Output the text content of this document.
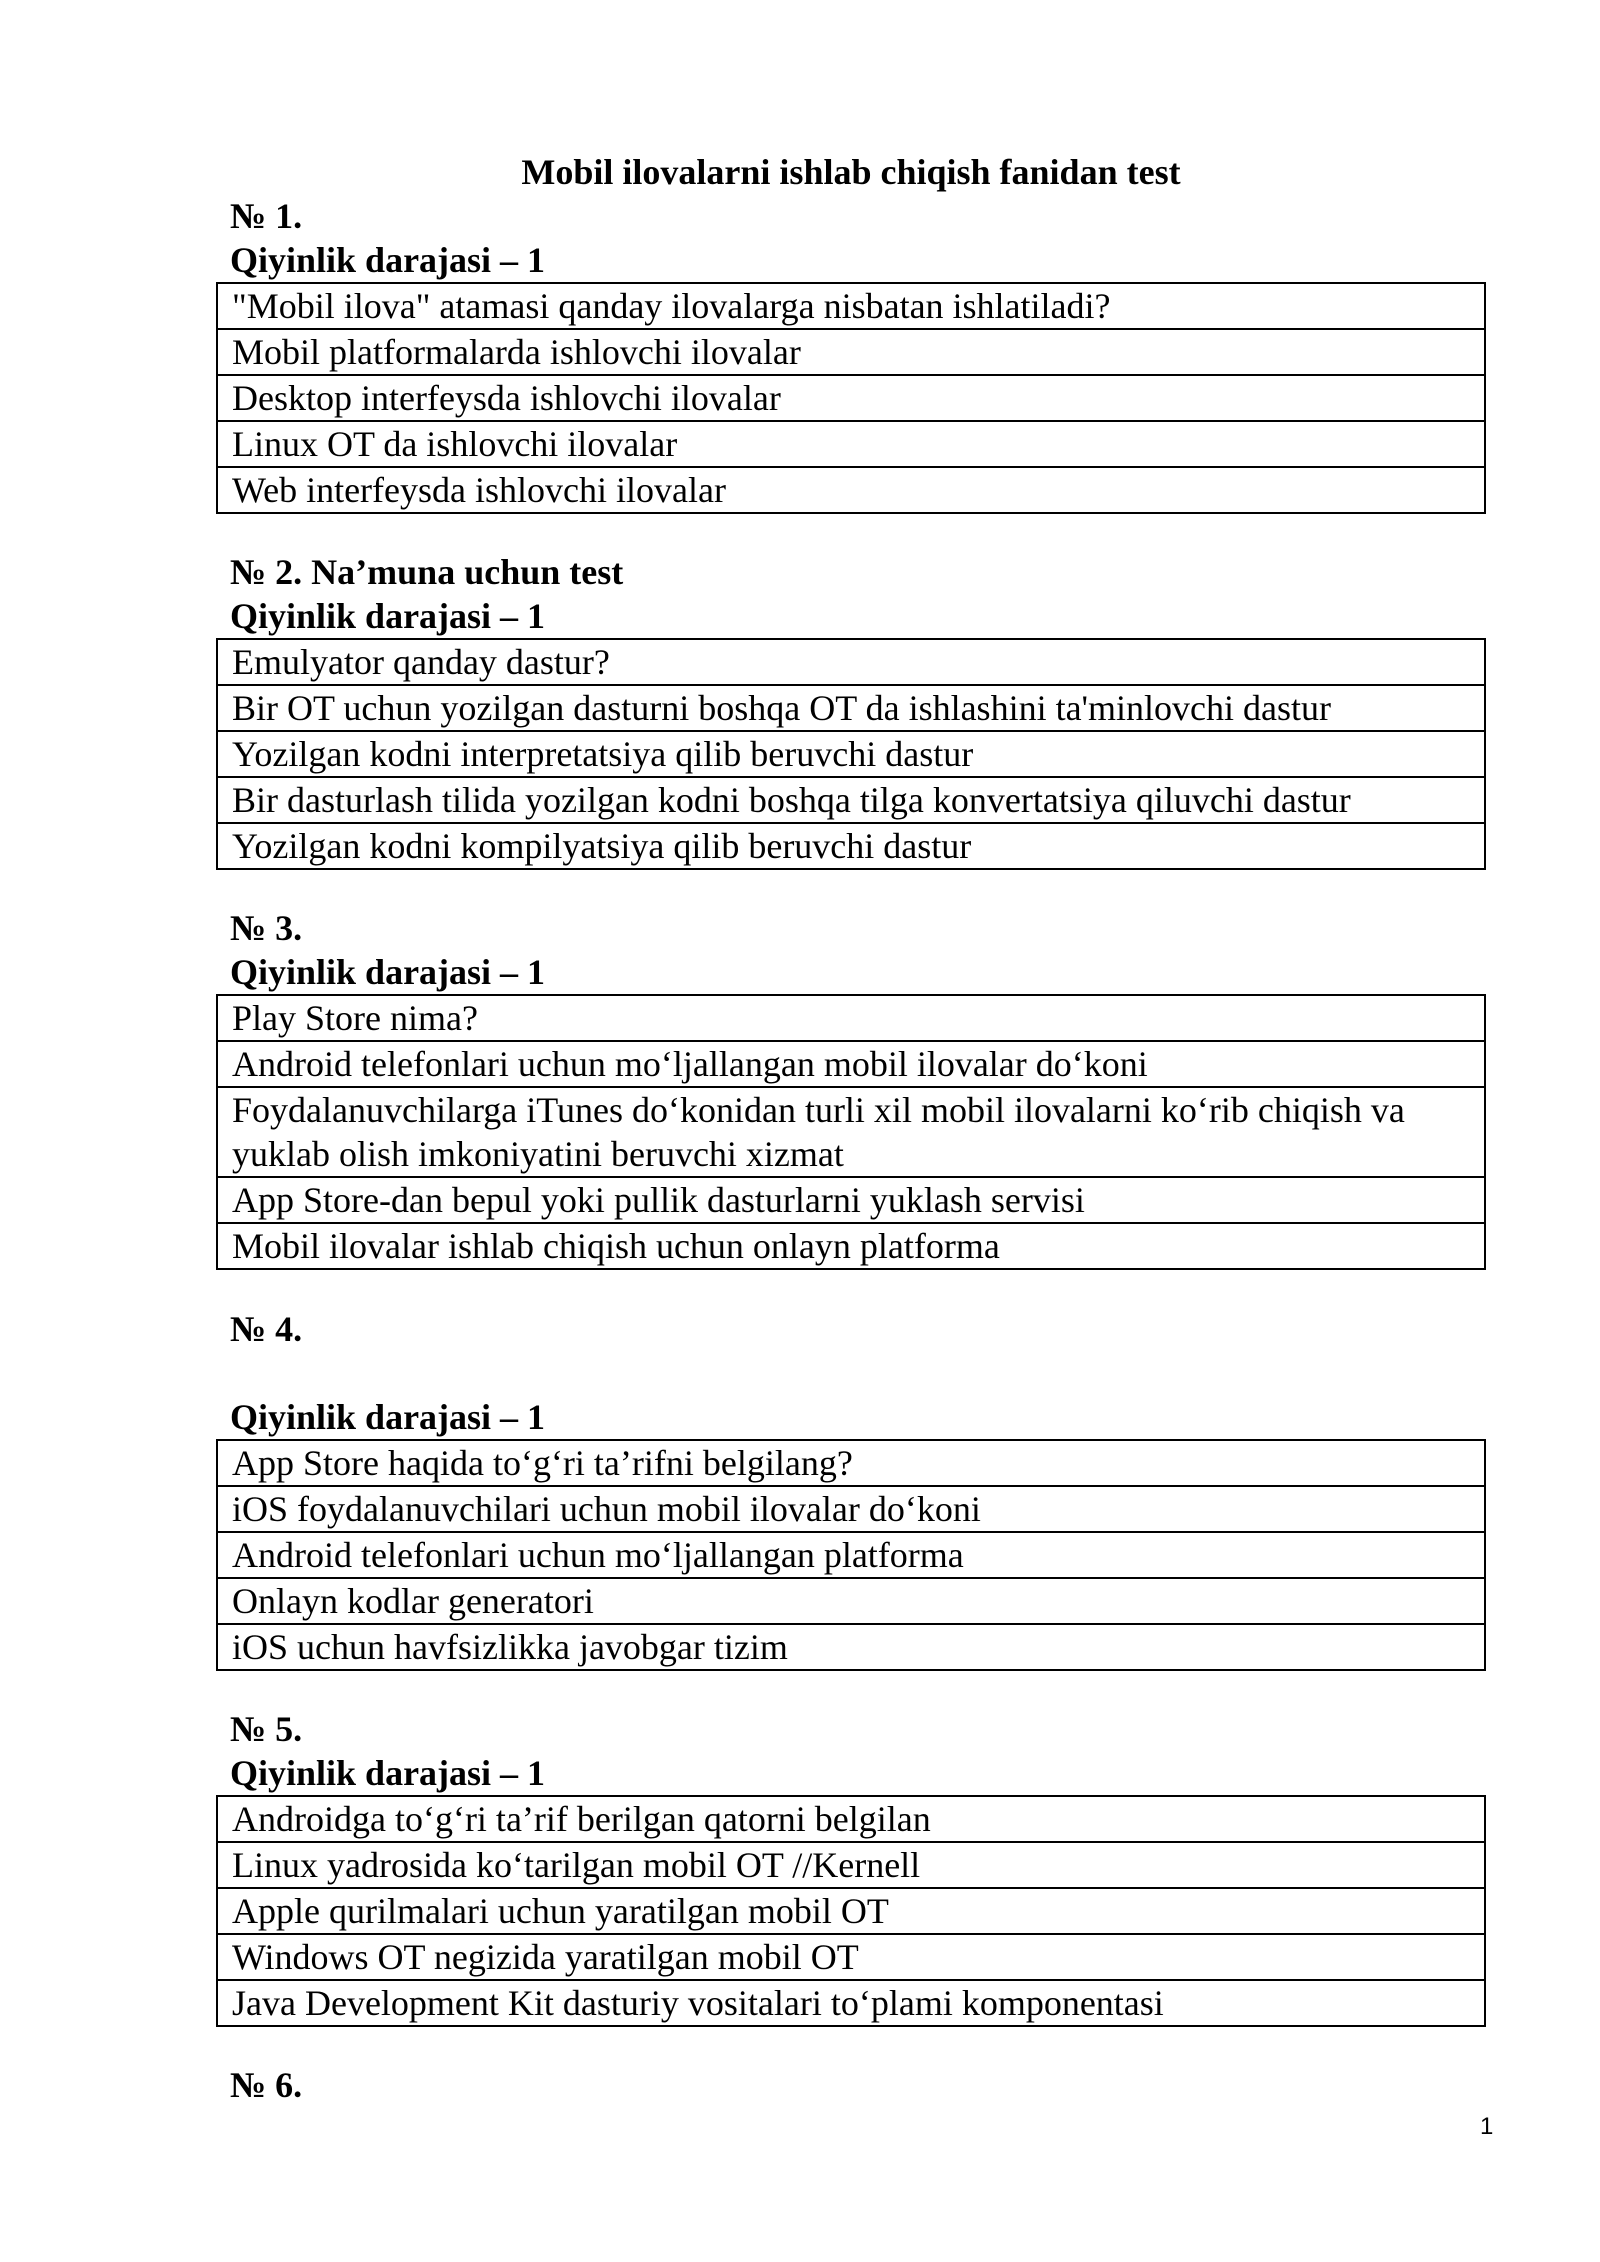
Mobil ilovalarni ishlab chiqish fanidan test
№ 1.
Qiyinlik darajasi – 1
"Mobil ilova" atamasi qanday ilovalarga nisbatan ishlatiladi?
Mobil platformalarda ishlovchi ilovalar
Desktop interfeysda ishlovchi ilovalar
Linux OT da ishlovchi ilovalar
Web interfeysda ishlovchi ilovalar
№ 2. Na’muna uchun test
Qiyinlik darajasi – 1
Emulyator qanday dastur?
Bir OT uchun yozilgan dasturni boshqa OT da ishlashini ta'minlovchi dastur
Yozilgan kodni interpretatsiya qilib beruvchi dastur
Bir dasturlash tilida yozilgan kodni boshqa tilga konvertatsiya qiluvchi dastur
Yozilgan kodni kompilyatsiya qilib beruvchi dastur
№ 3.
Qiyinlik darajasi – 1
Play Store nima?
Android telefonlari uchun mo‘ljallangan mobil ilovalar do‘koni
Foydalanuvchilarga iTunes do‘konidan turli xil mobil ilovalarni ko‘rib chiqish va yuklab olish imkoniyatini beruvchi xizmat
App Store-dan bepul yoki pullik dasturlarni yuklash servisi
Mobil ilovalar ishlab chiqish uchun onlayn platforma
№ 4.
Qiyinlik darajasi – 1
App Store haqida to‘g‘ri ta’rifni belgilang?
iOS foydalanuvchilari uchun mobil ilovalar do‘koni
Android telefonlari uchun mo‘ljallangan platforma
Onlayn kodlar generatori
iOS uchun havfsizlikka javobgar tizim
№ 5.
Qiyinlik darajasi – 1
Androidga to‘g‘ri ta’rif berilgan qatorni belgilan
Linux yadrosida ko‘tarilgan mobil OT //Kernell
Apple qurilmalari uchun yaratilgan mobil OT
Windows OT negizida yaratilgan mobil OT
Java Development Kit dasturiy vositalari to‘plami komponentasi
№ 6.
1
